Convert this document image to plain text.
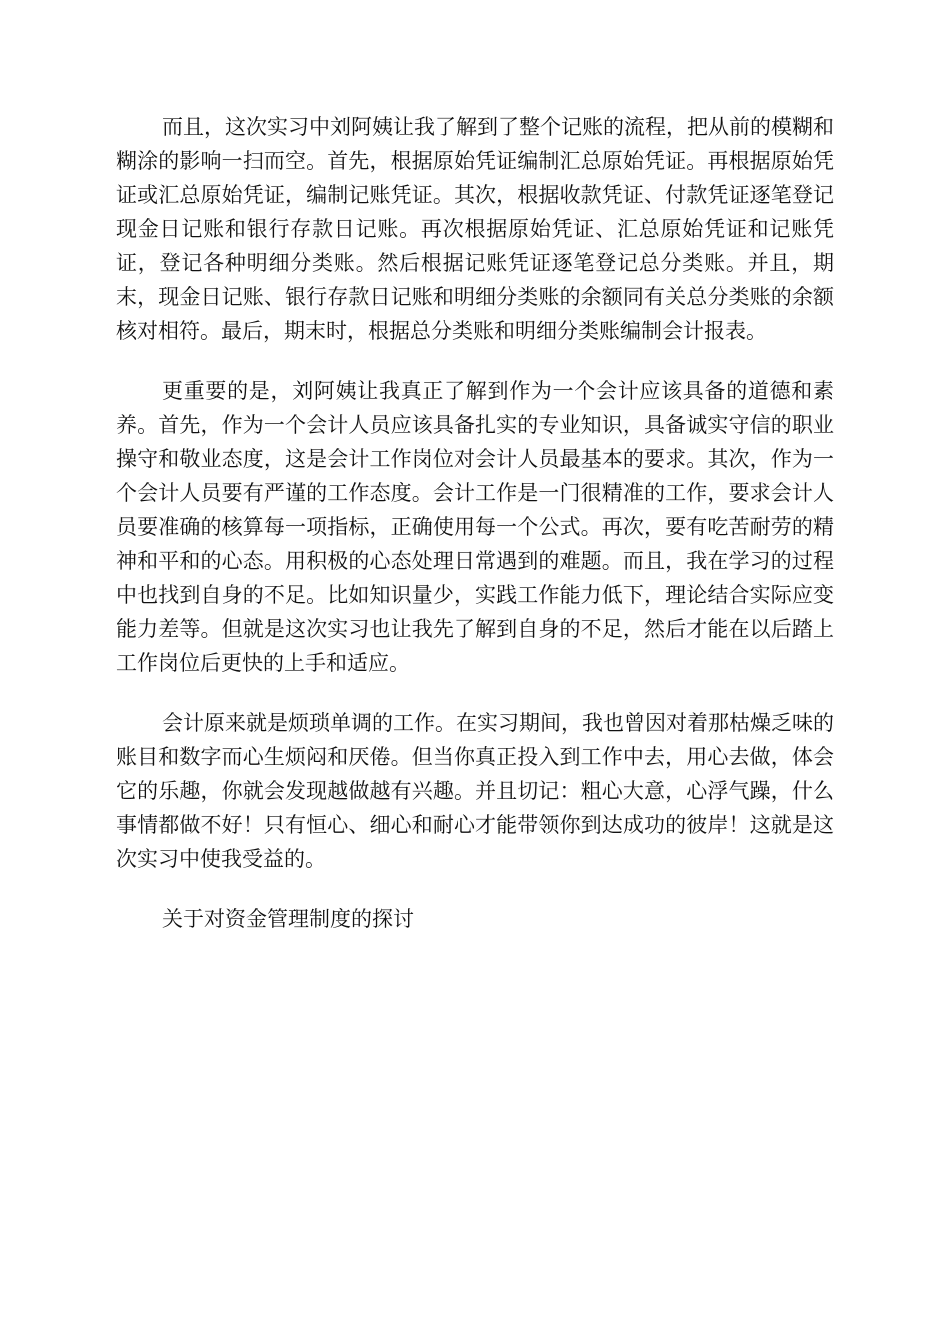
而且，这次实习中刘阿姨让我了解到了整个记账的流程，把从前的模糊和糊涂的影响一扫而空。首先，根据原始凭证编制汇总原始凭证。再根据原始凭证或汇总原始凭证，编制记账凭证。其次，根据收款凭证、付款凭证逐笔登记现金日记账和银行存款日记账。再次根据原始凭证、汇总原始凭证和记账凭证，登记各种明细分类账。然后根据记账凭证逐笔登记总分类账。并且，期末，现金日记账、银行存款日记账和明细分类账的余额同有关总分类账的余额核对相符。最后，期末时，根据总分类账和明细分类账编制会计报表。

更重要的是，刘阿姨让我真正了解到作为一个会计应该具备的道德和素养。首先，作为一个会计人员应该具备扎实的专业知识，具备诚实守信的职业操守和敬业态度，这是会计工作岗位对会计人员最基本的要求。其次，作为一个会计人员要有严谨的工作态度。会计工作是一门很精准的工作，要求会计人员要准确的核算每一项指标，正确使用每一个公式。再次，要有吃苦耐劳的精神和平和的心态。用积极的心态处理日常遇到的难题。而且，我在学习的过程中也找到自身的不足。比如知识量少，实践工作能力低下，理论结合实际应变能力差等。但就是这次实习也让我先了解到自身的不足，然后才能在以后踏上工作岗位后更快的上手和适应。

会计原来就是烦琐单调的工作。在实习期间，我也曾因对着那枯燥乏味的账目和数字而心生烦闷和厌倦。但当你真正投入到工作中去，用心去做，体会它的乐趣，你就会发现越做越有兴趣。并且切记：粗心大意，心浮气躁，什么事情都做不好！只有恒心、细心和耐心才能带领你到达成功的彼岸！这就是这次实习中使我受益的。

关于对资金管理制度的探讨
